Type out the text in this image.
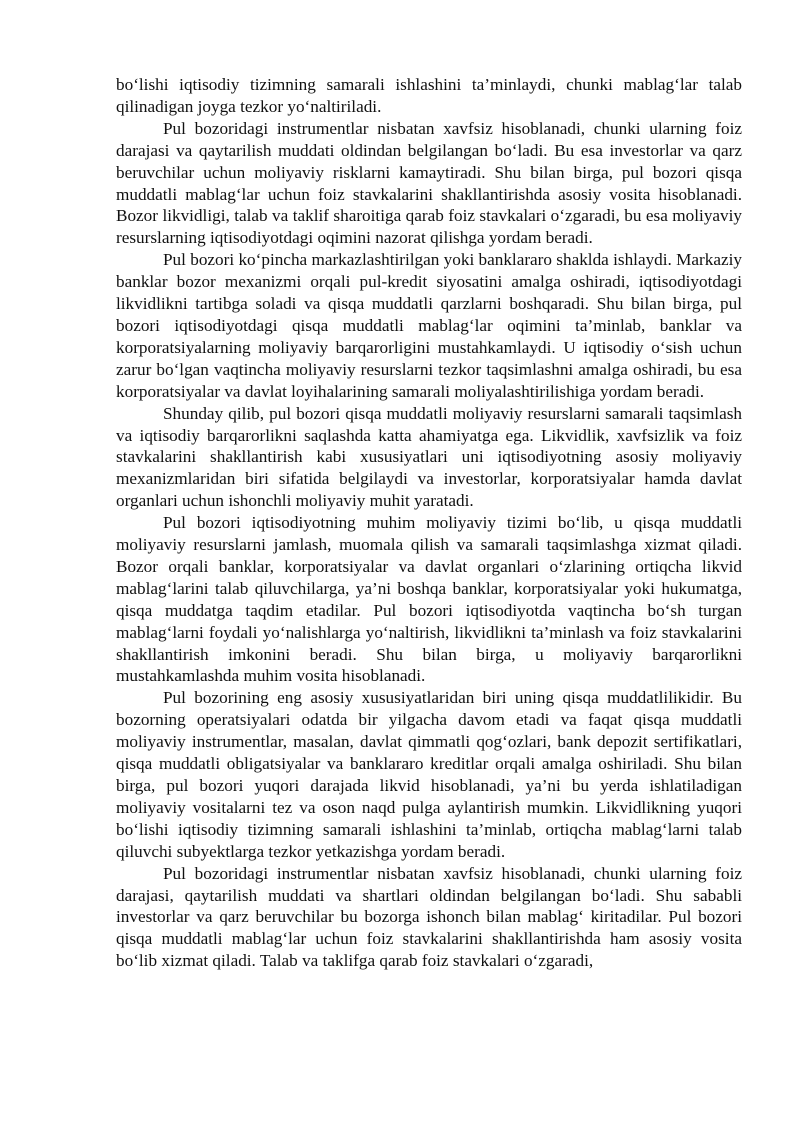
bo‘lishi iqtisodiy tizimning samarali ishlashini ta’minlaydi, chunki mablag‘lar talab qilinadigan joyga tezkor yo‘naltiriladi.

Pul bozoridagi instrumentlar nisbatan xavfsiz hisoblanadi, chunki ularning foiz darajasi va qaytarilish muddati oldindan belgilangan bo‘ladi. Bu esa investorlar va qarz beruvchilar uchun moliyaviy risklarni kamaytiradi. Shu bilan birga, pul bozori qisqa muddatli mablag‘lar uchun foiz stavkalarini shakllantirishda asosiy vosita hisoblanadi. Bozor likvidligi, talab va taklif sharoitiga qarab foiz stavkalari o‘zgaradi, bu esa moliyaviy resurslarning iqtisodiyotdagi oqimini nazorat qilishga yordam beradi.

Pul bozori ko‘pincha markazlashtirilgan yoki banklararo shaklda ishlaydi. Markaziy banklar bozor mexanizmi orqali pul-kredit siyosatini amalga oshiradi, iqtisodiyotdagi likvidlikni tartibga soladi va qisqa muddatli qarzlarni boshqaradi. Shu bilan birga, pul bozori iqtisodiyotdagi qisqa muddatli mablag‘lar oqimini ta’minlab, banklar va korporatsiyalarning moliyaviy barqarorligini mustahkamlaydi. U iqtisodiy o‘sish uchun zarur bo‘lgan vaqtincha moliyaviy resurslarni tezkor taqsimlashni amalga oshiradi, bu esa korporatsiyalar va davlat loyihalarining samarali moliyalashtirilishiga yordam beradi.

Shunday qilib, pul bozori qisqa muddatli moliyaviy resurslarni samarali taqsimlash va iqtisodiy barqarorlikni saqlashda katta ahamiyatga ega. Likvidlik, xavfsizlik va foiz stavkalarini shakllantirish kabi xususiyatlari uni iqtisodiyotning asosiy moliyaviy mexanizmlaridan biri sifatida belgilaydi va investorlar, korporatsiyalar hamda davlat organlari uchun ishonchli moliyaviy muhit yaratadi.

Pul bozori iqtisodiyotning muhim moliyaviy tizimi bo‘lib, u qisqa muddatli moliyaviy resurslarni jamlash, muomala qilish va samarali taqsimlashga xizmat qiladi. Bozor orqali banklar, korporatsiyalar va davlat organlari o‘zlarining ortiqcha likvid mablag‘larini talab qiluvchilarga, ya’ni boshqa banklar, korporatsiyalar yoki hukumatga, qisqa muddatga taqdim etadilar. Pul bozori iqtisodiyotda vaqtincha bo‘sh turgan mablag‘larni foydali yo‘nalishlarga yo‘naltirish, likvidlikni ta’minlash va foiz stavkalarini shakllantirish imkonini beradi. Shu bilan birga, u moliyaviy barqarorlikni mustahkamlashda muhim vosita hisoblanadi.

Pul bozorining eng asosiy xususiyatlaridan biri uning qisqa muddatlilikidir. Bu bozorning operatsiyalari odatda bir yilgacha davom etadi va faqat qisqa muddatli moliyaviy instrumentlar, masalan, davlat qimmatli qog‘ozlari, bank depozit sertifikatlari, qisqa muddatli obligatsiyalar va banklararo kreditlar orqali amalga oshiriladi. Shu bilan birga, pul bozori yuqori darajada likvid hisoblanadi, ya’ni bu yerda ishlatiladigan moliyaviy vositalarni tez va oson naqd pulga aylantirish mumkin. Likvidlikning yuqori bo‘lishi iqtisodiy tizimning samarali ishlashini ta’minlab, ortiqcha mablag‘larni talab qiluvchi subyektlarga tezkor yetkazishga yordam beradi.

Pul bozoridagi instrumentlar nisbatan xavfsiz hisoblanadi, chunki ularning foiz darajasi, qaytarilish muddati va shartlari oldindan belgilangan bo‘ladi. Shu sababli investorlar va qarz beruvchilar bu bozorga ishonch bilan mablag‘ kiritadilar. Pul bozori qisqa muddatli mablag‘lar uchun foiz stavkalarini shakllantirishda ham asosiy vosita bo‘lib xizmat qiladi. Talab va taklifga qarab foiz stavkalari o‘zgaradi,
